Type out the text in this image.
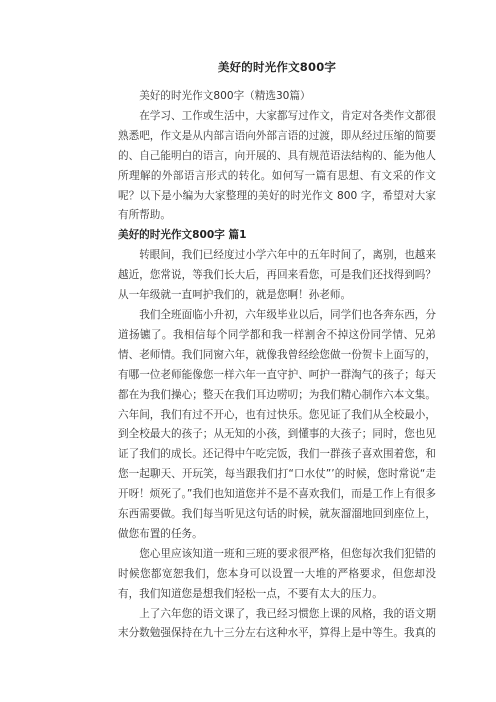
美好的时光作文800字

美好的时光作文800字（精选30篇）

在学习、工作或生活中，大家都写过作文，肯定对各类作文都很熟悉吧，作文是从内部言语向外部言语的过渡，即从经过压缩的简要的、自己能明白的语言，向开展的、具有规范语法结构的、能为他人所理解的外部语言形式的转化。如何写一篇有思想、有文采的作文呢？以下是小编为大家整理的美好的时光作文 800 字，希望对大家有所帮助。

美好的时光作文800字 篇1

转眼间，我们已经度过小学六年中的五年时间了，离别，也越来越近，您常说，等我们长大后，再回来看您，可是我们还找得到吗？从一年级就一直呵护我们的，就是您啊！孙老师。

我们全班面临小升初，六年级毕业以后，同学们也各奔东西，分道扬镳了。我相信每个同学都和我一样割舍不掉这份同学情、兄弟情、老师情。我们同窗六年，就像我曾经绘您做一份贺卡上面写的，有哪一位老师能像您一样六年一直守护、呵护一群淘气的孩子；每天都在为我们操心；整天在我们耳边唠叨；为我们精心制作六本文集。六年间，我们有过不开心，也有过快乐。您见证了我们从全校最小，到全校最大的孩子；从无知的小孩，到懂事的大孩子；同时，您也见证了我们的成长。还记得中午吃完饭，我们一群孩子喜欢围着您，和您一起聊天、开玩笑，每当跟我们打“口水仗”’的时候，您时常说“走开呀！烦死了。”我们也知道您并不是不喜欢我们，而是工作上有很多东西需要做。我们每当听见这句话的时候，就灰溜溜地回到座位上，做您布置的任务。

您心里应该知道一班和三班的要求很严格，但您每次我们犯错的时候您都宽恕我们，您本身可以设置一大堆的严格要求，但您却没有，我们知道您是想我们轻松一点，不要有太大的压力。

上了六年您的语文课了，我已经习惯您上课的风格，我的语文期末分数勉强保持在九十三分左右这种水平，算得上是中等生。我真的
